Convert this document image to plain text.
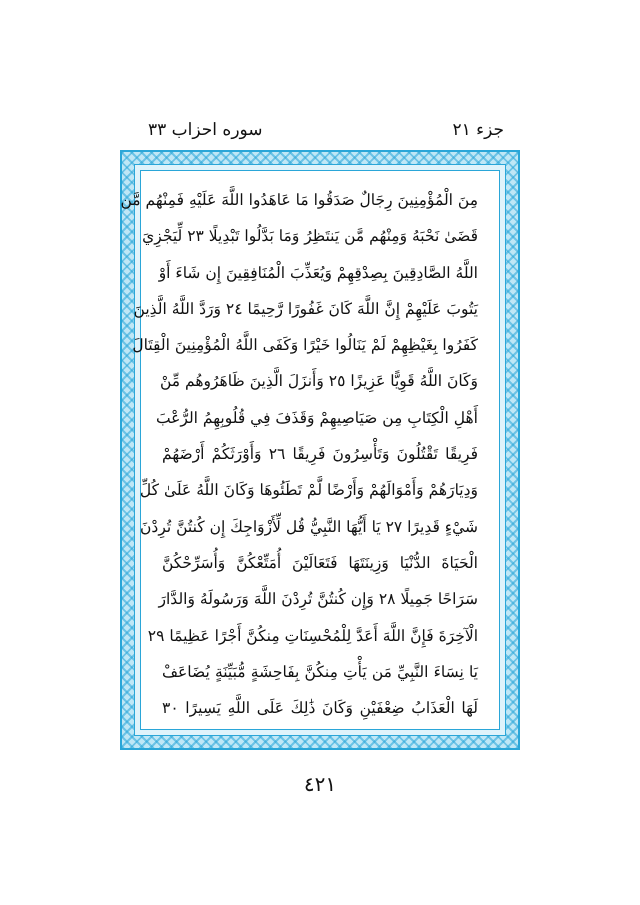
سوره احزاب ٣٣	جزء ٢١
مِنَ الْمُؤْمِنِينَ رِجَالٌ صَدَقُوا مَا عَاهَدُوا اللَّهَ عَلَيْهِ فَمِنْهُم مَّن
قَضَىٰ نَحْبَهُ وَمِنْهُم مَّن يَنتَظِرُ وَمَا بَدَّلُوا تَبْدِيلًا ٢٣ لِّيَجْزِيَ
اللَّهُ الصَّادِقِينَ بِصِدْقِهِمْ وَيُعَذِّبَ الْمُنَافِقِينَ إِن شَاءَ أَوْ
يَتُوبَ عَلَيْهِمْ إِنَّ اللَّهَ كَانَ غَفُورًا رَّحِيمًا ٢٤ وَرَدَّ اللَّهُ الَّذِينَ
كَفَرُوا بِغَيْظِهِمْ لَمْ يَنَالُوا خَيْرًا وَكَفَى اللَّهُ الْمُؤْمِنِينَ الْقِتَالَ
وَكَانَ اللَّهُ قَوِيًّا عَزِيزًا ٢٥ وَأَنزَلَ الَّذِينَ ظَاهَرُوهُم مِّنْ
أَهْلِ الْكِتَابِ مِن صَيَاصِيهِمْ وَقَذَفَ فِي قُلُوبِهِمُ الرُّعْبَ
فَرِيقًا تَقْتُلُونَ وَتَأْسِرُونَ فَرِيقًا ٢٦ وَأَوْرَثَكُمْ أَرْضَهُمْ
وَدِيَارَهُمْ وَأَمْوَالَهُمْ وَأَرْضًا لَّمْ تَطَئُوهَا وَكَانَ اللَّهُ عَلَىٰ كُلِّ
شَيْءٍ قَدِيرًا ٢٧ يَا أَيُّهَا النَّبِيُّ قُل لِّأَزْوَاجِكَ إِن كُنتُنَّ تُرِدْنَ
الْحَيَاةَ الدُّنْيَا وَزِينَتَهَا فَتَعَالَيْنَ أُمَتِّعْكُنَّ وَأُسَرِّحْكُنَّ
سَرَاحًا جَمِيلًا ٢٨ وَإِن كُنتُنَّ تُرِدْنَ اللَّهَ وَرَسُولَهُ وَالدَّارَ
الْآخِرَةَ فَإِنَّ اللَّهَ أَعَدَّ لِلْمُحْسِنَاتِ مِنكُنَّ أَجْرًا عَظِيمًا ٢٩
يَا نِسَاءَ النَّبِيِّ مَن يَأْتِ مِنكُنَّ بِفَاحِشَةٍ مُّبَيِّنَةٍ يُضَاعَفْ
لَهَا الْعَذَابُ ضِعْفَيْنِ وَكَانَ ذَٰلِكَ عَلَى اللَّهِ يَسِيرًا ٣٠
٤٢١
